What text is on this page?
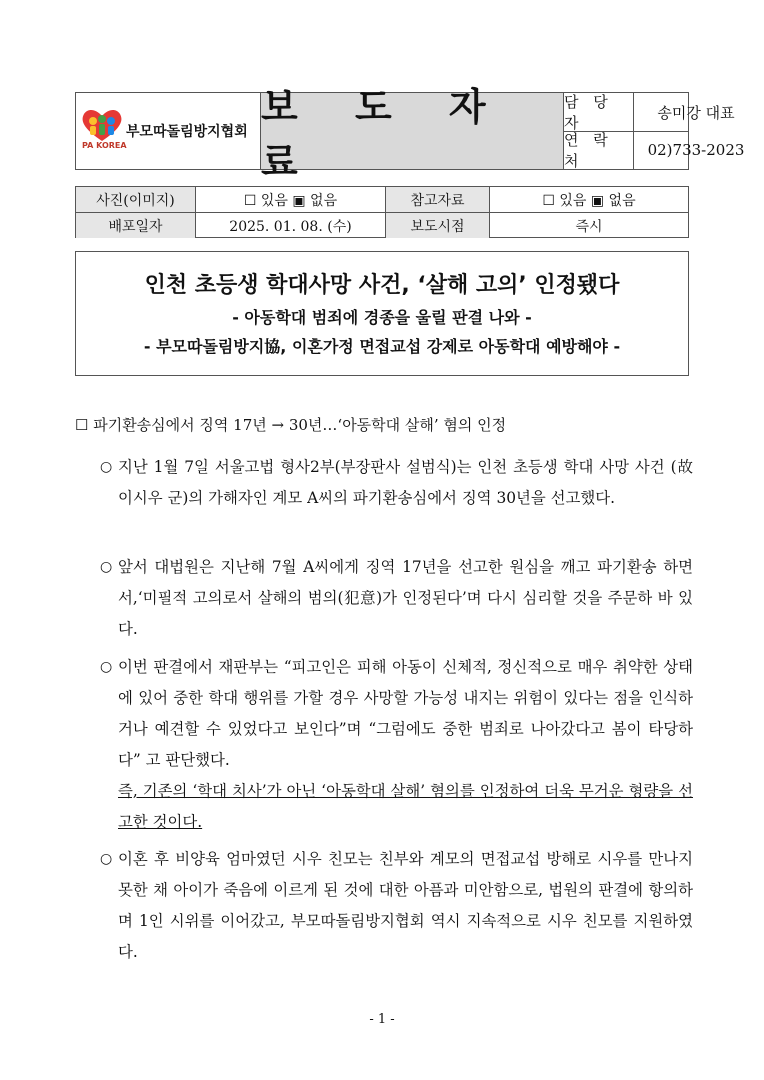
부모따돌림방지협회
PA KOREA
보 도 자 료
담 당 자
송미강 대표
연 락 처
02)733-2023
사진(이미지)	☐ 있음 ▣ 없음	참고자료	☐ 있음 ▣ 없음
배포일자	2025. 01. 08. (수)	보도시점	즉시
인천 초등생 학대사망 사건, ‘살해 고의’ 인정됐다
- 아동학대 범죄에 경종을 울릴 판결 나와 -
- 부모따돌림방지協, 이혼가정 면접교섭 강제로 아동학대 예방해야 -
☐ 파기환송심에서 징역 17년 → 30년…‘아동학대 살해’ 혐의 인정
○ 지난 1월 7일 서울고법 형사2부(부장판사 설범식)는 인천 초등생 학대 사망 사건 (故 이시우 군)의 가해자인 계모 A씨의 파기환송심에서 징역 30년을 선고했다.
○ 앞서 대법원은 지난해 7월 A씨에게 징역 17년을 선고한 원심을 깨고 파기환송 하면서,‘미필적 고의로서 살해의 범의(犯意)가 인정된다’며 다시 심리할 것을 주문하 바 있다.
○ 이번 판결에서 재판부는 “피고인은 피해 아동이 신체적, 정신적으로 매우 취약한 상태에 있어 중한 학대 행위를 가할 경우 사망할 가능성 내지는 위험이 있다는 점을 인식하거나 예견할 수 있었다고 보인다”며 “그럼에도 중한 범죄로 나아갔다고 봄이 타당하다” 고 판단했다.
즉, 기존의 ‘학대 치사’가 아닌 ‘아동학대 살해’ 혐의를 인정하여 더욱 무거운 형량을 선고한 것이다.
○ 이혼 후 비양육 엄마였던 시우 친모는 친부와 계모의 면접교섭 방해로 시우를 만나지 못한 채 아이가 죽음에 이르게 된 것에 대한 아픔과 미안함으로, 법원의 판결에 항의하며 1인 시위를 이어갔고, 부모따돌림방지협회 역시 지속적으로 시우 친모를 지원하였다.
- 1 -
